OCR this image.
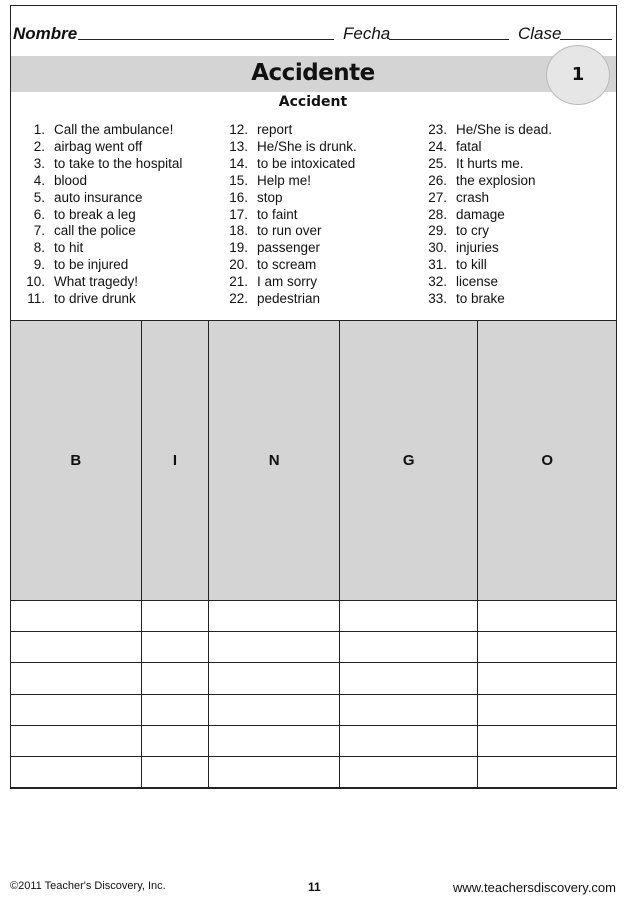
Nombre	Fecha	Clase
Accidente	1
Accident
1. Call the ambulance!
2. airbag went off
3. to take to the hospital
4. blood
5. auto insurance
6. to break a leg
7. call the police
8. to hit
9. to be injured
10. What tragedy!
11. to drive drunk
12. report
13. He/She is drunk.
14. to be intoxicated
15. Help me!
16. stop
17. to faint
18. to run over
19. passenger
20. to scream
21. I am sorry
22. pedestrian
23. He/She is dead.
24. fatal
25. It hurts me.
26. the explosion
27. crash
28. damage
29. to cry
30. injuries
31. to kill
32. license
33. to brake
B	I	N	G	O

©2011 Teacher's Discovery, Inc.	11	www.teachersdiscovery.com
